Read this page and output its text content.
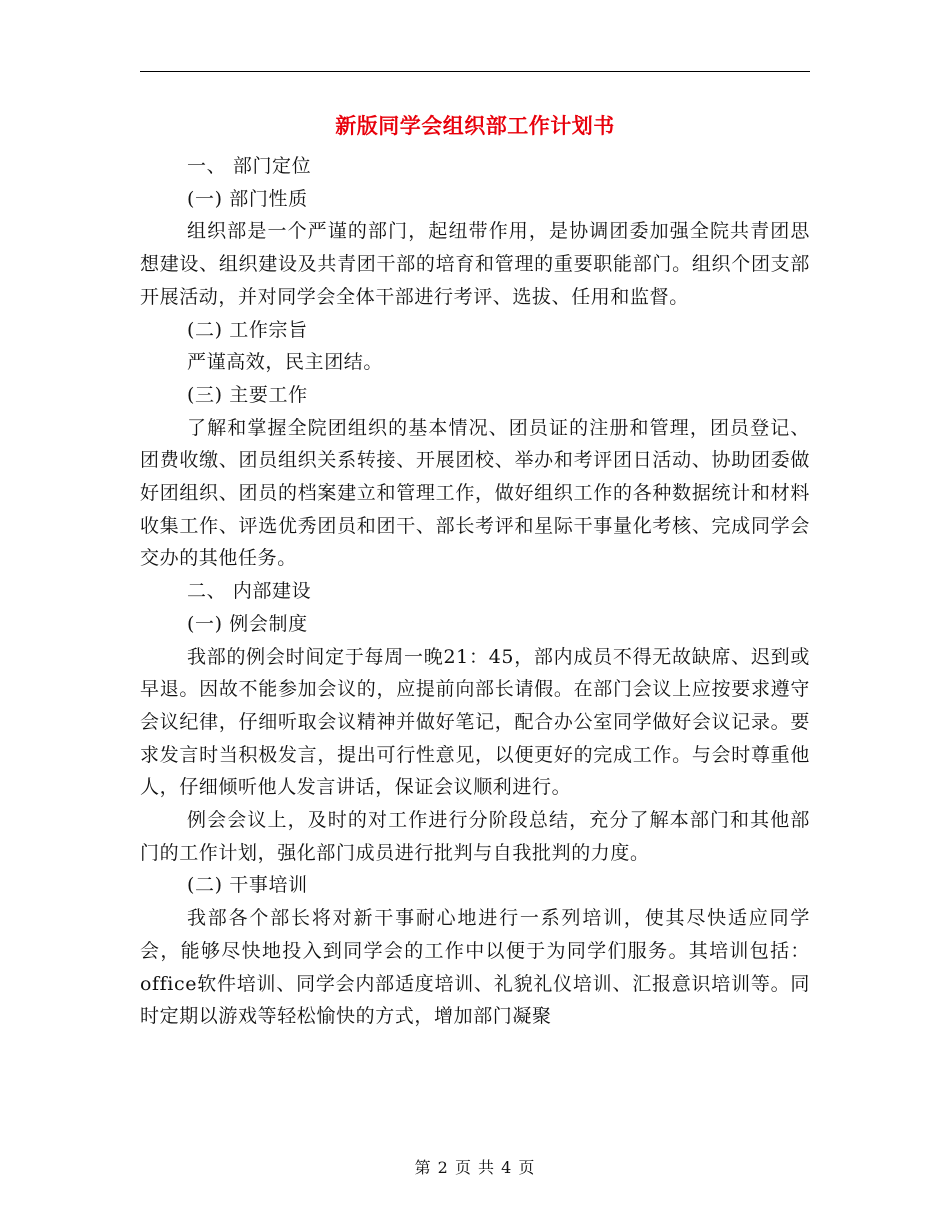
新版同学会组织部工作计划书

一、 部门定位

(一) 部门性质

组织部是一个严谨的部门，起纽带作用，是协调团委加强全院共青团思想建设、组织建设及共青团干部的培育和管理的重要职能部门。组织个团支部开展活动，并对同学会全体干部进行考评、选拔、任用和监督。

(二) 工作宗旨

严谨高效，民主团结。

(三) 主要工作

了解和掌握全院团组织的基本情况、团员证的注册和管理，团员登记、团费收缴、团员组织关系转接、开展团校、举办和考评团日活动、协助团委做好团组织、团员的档案建立和管理工作，做好组织工作的各种数据统计和材料收集工作、评选优秀团员和团干、部长考评和星际干事量化考核、完成同学会交办的其他任务。

二、 内部建设

(一) 例会制度

我部的例会时间定于每周一晚21：45，部内成员不得无故缺席、迟到或早退。因故不能参加会议的，应提前向部长请假。在部门会议上应按要求遵守会议纪律，仔细听取会议精神并做好笔记，配合办公室同学做好会议记录。要求发言时当积极发言，提出可行性意见，以便更好的完成工作。与会时尊重他人，仔细倾听他人发言讲话，保证会议顺利进行。

例会会议上，及时的对工作进行分阶段总结，充分了解本部门和其他部门的工作计划，强化部门成员进行批判与自我批判的力度。

(二) 干事培训

我部各个部长将对新干事耐心地进行一系列培训，使其尽快适应同学会，能够尽快地投入到同学会的工作中以便于为同学们服务。其培训包括：office软件培训、同学会内部适度培训、礼貌礼仪培训、汇报意识培训等。同时定期以游戏等轻松愉快的方式，增加部门凝聚

第 2 页 共 4 页
